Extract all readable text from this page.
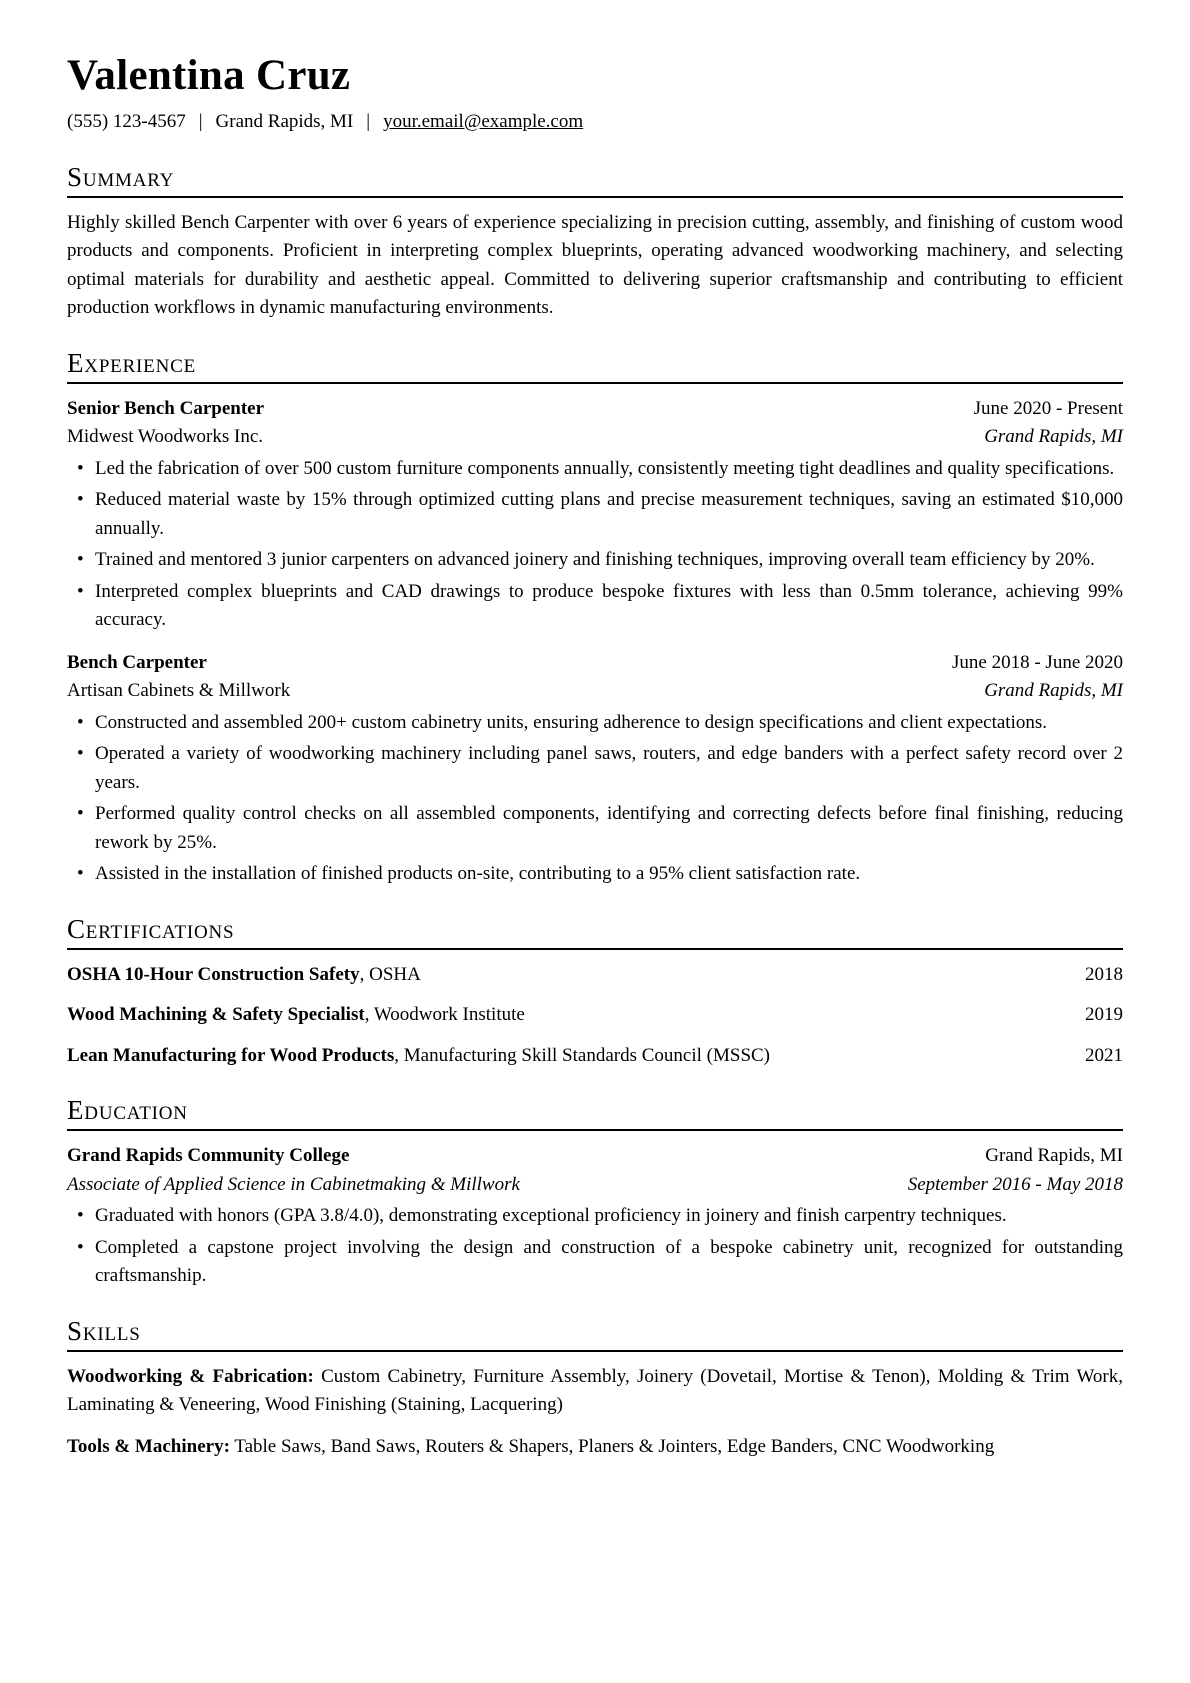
Valentina Cruz
(555) 123-4567 | Grand Rapids, MI | your.email@example.com
Summary

Highly skilled Bench Carpenter with over 6 years of experience specializing in precision cutting, assembly, and finishing of custom wood products and components. Proficient in interpreting complex blueprints, operating advanced woodworking machinery, and selecting optimal materials for durability and aesthetic appeal. Committed to delivering superior craftsmanship and contributing to efficient production workflows in dynamic manufacturing environments.

Experience
Senior Bench Carpenter	June 2020 - Present
Midwest Woodworks Inc.	Grand Rapids, MI
• Led the fabrication of over 500 custom furniture components annually, consistently meeting tight deadlines and quality specifications.
• Reduced material waste by 15% through optimized cutting plans and precise measurement techniques, saving an estimated $10,000 annually.
• Trained and mentored 3 junior carpenters on advanced joinery and finishing techniques, improving overall team efficiency by 20%.
• Interpreted complex blueprints and CAD drawings to produce bespoke fixtures with less than 0.5mm tolerance, achieving 99% accuracy.
Bench Carpenter	June 2018 - June 2020
Artisan Cabinets & Millwork	Grand Rapids, MI
• Constructed and assembled 200+ custom cabinetry units, ensuring adherence to design specifications and client expectations.
• Operated a variety of woodworking machinery including panel saws, routers, and edge banders with a perfect safety record over 2 years.
• Performed quality control checks on all assembled components, identifying and correcting defects before final finishing, reducing rework by 25%.
• Assisted in the installation of finished products on-site, contributing to a 95% client satisfaction rate.
Certifications
OSHA 10-Hour Construction Safety, OSHA	2018
Wood Machining & Safety Specialist, Woodwork Institute	2019
Lean Manufacturing for Wood Products, Manufacturing Skill Standards Council (MSSC)	2021
Education
Grand Rapids Community College	Grand Rapids, MI
Associate of Applied Science in Cabinetmaking & Millwork	September 2016 - May 2018
• Graduated with honors (GPA 3.8/4.0), demonstrating exceptional proficiency in joinery and finish carpentry techniques.
• Completed a capstone project involving the design and construction of a bespoke cabinetry unit, recognized for outstanding craftsmanship.
Skills

Woodworking & Fabrication: Custom Cabinetry, Furniture Assembly, Joinery (Dovetail, Mortise & Tenon), Molding & Trim Work, Laminating & Veneering, Wood Finishing (Staining, Lacquering)

Tools & Machinery: Table Saws, Band Saws, Routers & Shapers, Planers & Jointers, Edge Banders, CNC Woodworking
